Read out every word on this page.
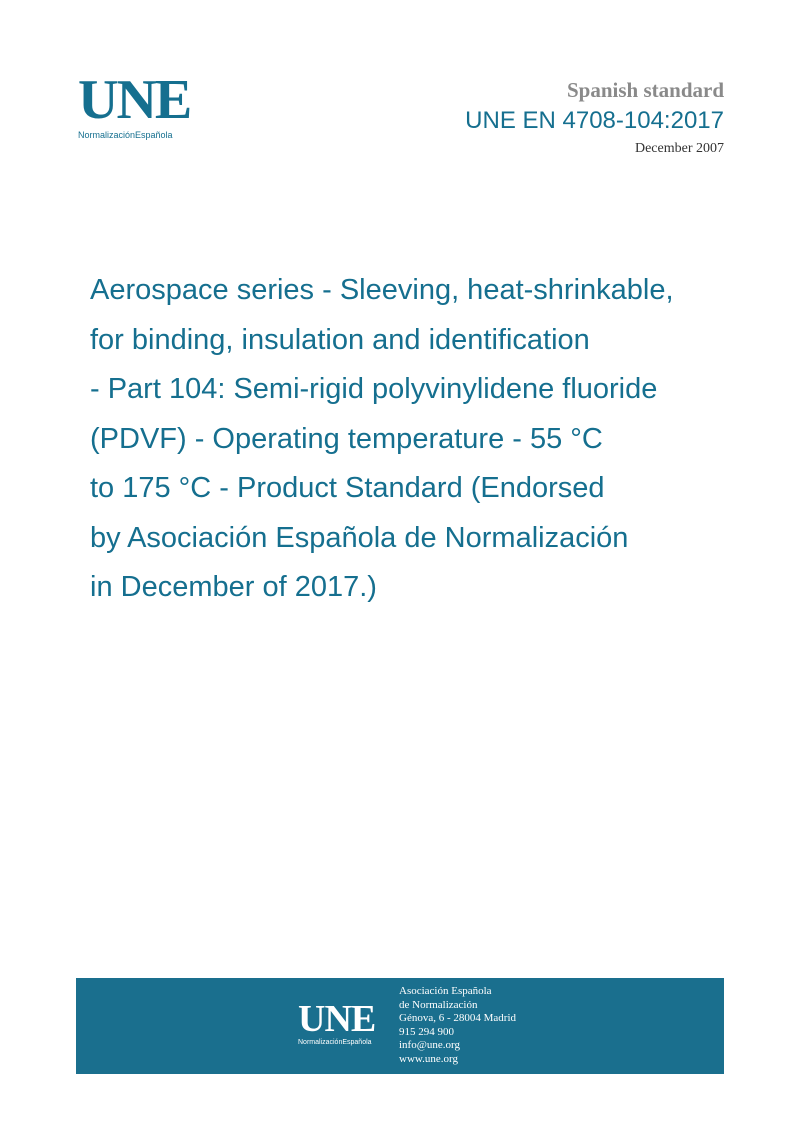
UNE
NormalizaciónEspañola
Spanish standard
UNE EN 4708-104:2017
December 2007
Aerospace series - Sleeving, heat-shrinkable,
for binding, insulation and identification
- Part 104: Semi-rigid polyvinylidene fluoride
(PDVF) - Operating temperature - 55 °C
to 175 °C - Product Standard (Endorsed
by Asociación Española de Normalización
in December of 2017.)
UNE
NormalizaciónEspañola
Asociación Española
de Normalización
Génova, 6 - 28004 Madrid
915 294 900
info@une.org
www.une.org
